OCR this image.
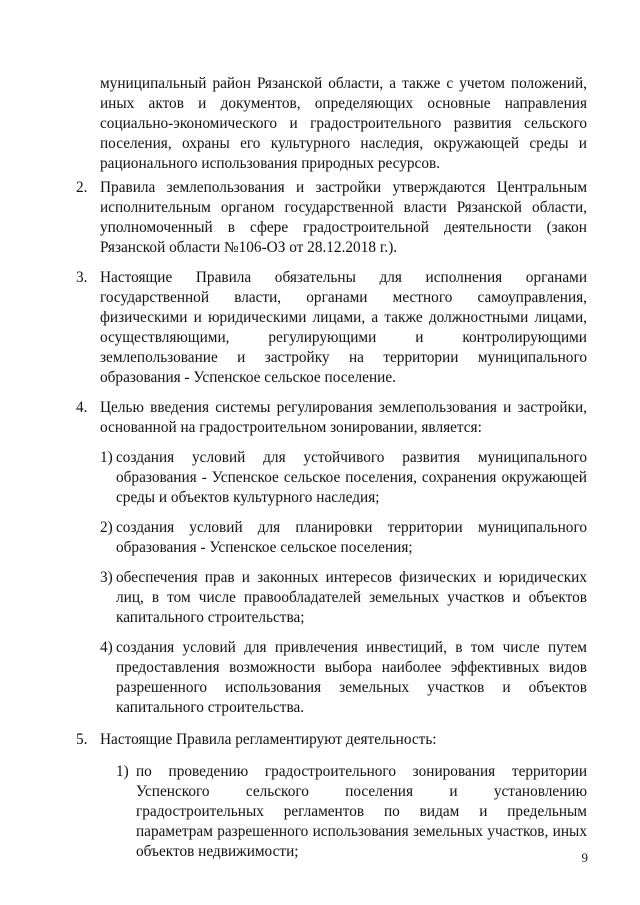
муниципальный район Рязанской области, а также с учетом положений, иных актов и документов, определяющих основные направления социально-экономического и градостроительного развития сельского поселения, охраны его культурного наследия, окружающей среды и рационального использования природных ресурсов.

2. Правила землепользования и застройки утверждаются Центральным исполнительным органом государственной власти Рязанской области, уполномоченный в сфере градостроительной деятельности (закон Рязанской области №106-ОЗ от 28.12.2018 г.).

3. Настоящие Правила обязательны для исполнения органами государственной власти, органами местного самоуправления, физическими и юридическими лицами, а также должностными лицами, осуществляющими, регулирующими и контролирующими землепользование и застройку на территории муниципального образования - Успенское сельское поселение.

4. Целью введения системы регулирования землепользования и застройки, основанной на градостроительном зонировании, является:

1) создания условий для устойчивого развития муниципального образования - Успенское сельское поселения, сохранения окружающей среды и объектов культурного наследия;

2) создания условий для планировки территории муниципального образования - Успенское сельское поселения;

3) обеспечения прав и законных интересов физических и юридических лиц, в том числе правообладателей земельных участков и объектов капитального строительства;

4) создания условий для привлечения инвестиций, в том числе путем предоставления возможности выбора наиболее эффективных видов разрешенного использования земельных участков и объектов капитального строительства.

5. Настоящие Правила регламентируют деятельность:

1) по проведению градостроительного зонирования территории Успенского сельского поселения и установлению градостроительных регламентов по видам и предельным параметрам разрешенного использования земельных участков, иных объектов недвижимости;	9
